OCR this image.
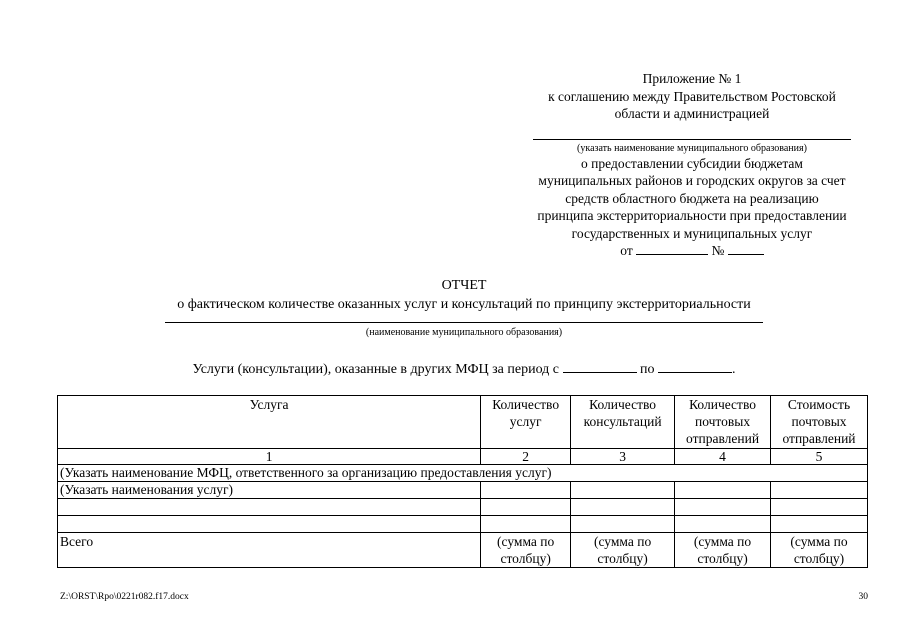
Приложение № 1
к соглашению между Правительством Ростовской
области и администрацией
(указать наименование муниципального образования)
о предоставлении субсидии бюджетам
муниципальных районов и городских округов за счет
средств областного бюджета на реализацию
принципа экстерриториальности при предоставлении
государственных и муниципальных услуг
от	№
ОТЧЕТ
о фактическом количестве оказанных услуг и консультаций по принципу экстерриториальности
(наименование муниципального образования)
Услуги (консультации), оказанные в других МФЦ за период с	по	.
Услуга	Количество услуг	Количество консультаций	Количество почтовых отправлений	Стоимость почтовых отправлений
1	2	3	4	5
(Указать наименование МФЦ, ответственного за организацию предоставления услуг)				
(Указать наименования услуг)				

Всего	(сумма по столбцу)	(сумма по столбцу)	(сумма по столбцу)	(сумма по столбцу)
Z:\ORST\Rpo\0221r082.f17.docx	30
